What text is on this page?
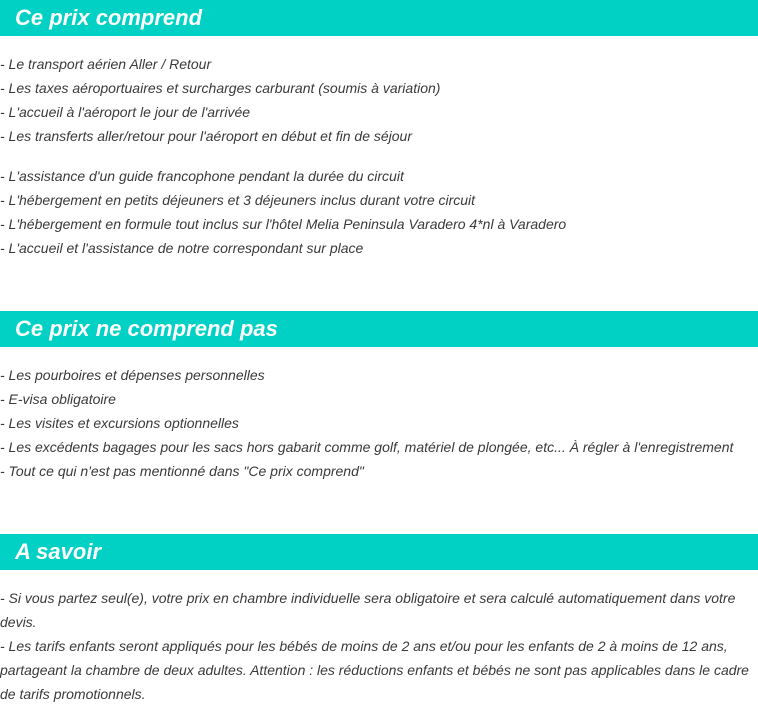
Ce prix comprend
- Le transport aérien Aller / Retour
- Les taxes aéroportuaires et surcharges carburant (soumis à variation)
- L'accueil à l'aéroport le jour de l'arrivée
- Les transferts aller/retour pour l'aéroport en début et fin de séjour
- L'assistance d'un guide francophone pendant la durée du circuit
- L'hébergement en petits déjeuners et 3 déjeuners inclus durant votre circuit
- L'hébergement en formule tout inclus sur l'hôtel Melia Peninsula Varadero 4*nl à Varadero
- L'accueil et l'assistance de notre correspondant sur place
Ce prix ne comprend pas
- Les pourboires et dépenses personnelles
- E-visa obligatoire
- Les visites et excursions optionnelles
- Les excédents bagages pour les sacs hors gabarit comme golf, matériel de plongée, etc... À régler à l'enregistrement
- Tout ce qui n'est pas mentionné dans "Ce prix comprend"
A savoir

- Si vous partez seul(e), votre prix en chambre individuelle sera obligatoire et sera calculé automatiquement dans votre devis.

- Les tarifs enfants seront appliqués pour les bébés de moins de 2 ans et/ou pour les enfants de 2 à moins de 12 ans, partageant la chambre de deux adultes. Attention : les réductions enfants et bébés ne sont pas applicables dans le cadre de tarifs promotionnels.
